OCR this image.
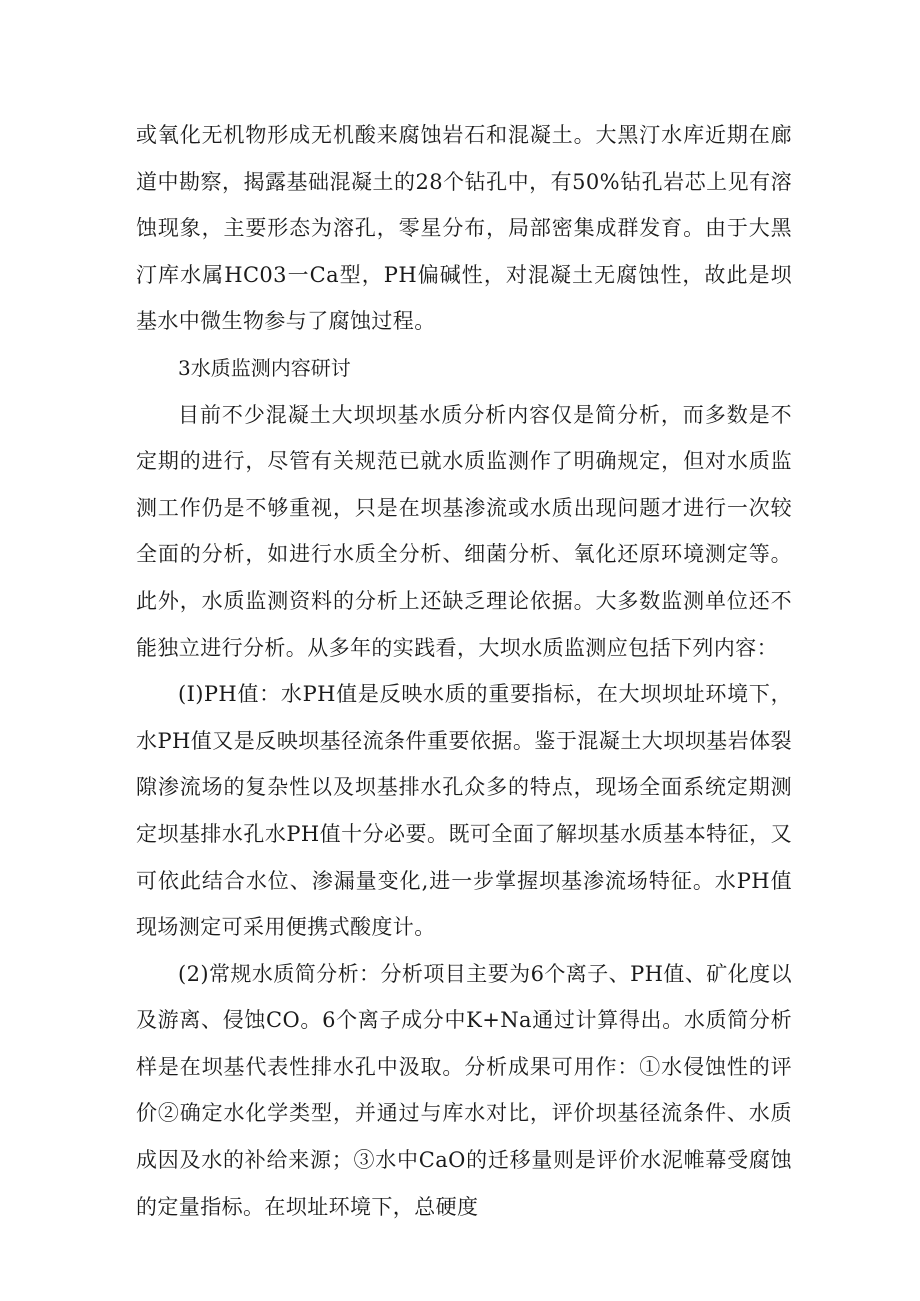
或氧化无机物形成无机酸来腐蚀岩石和混凝土。大黑汀水库近期在廊道中勘察，揭露基础混凝土的28个钻孔中，有50%钻孔岩芯上见有溶蚀现象，主要形态为溶孔，零星分布，局部密集成群发育。由于大黑汀库水属HC03一Ca型，PH偏碱性，对混凝土无腐蚀性，故此是坝基水中微生物参与了腐蚀过程。

3水质监测内容研讨

目前不少混凝土大坝坝基水质分析内容仅是简分析，而多数是不定期的进行，尽管有关规范已就水质监测作了明确规定，但对水质监测工作仍是不够重视，只是在坝基渗流或水质出现问题才进行一次较全面的分析，如进行水质全分析、细菌分析、氧化还原环境测定等。此外，水质监测资料的分析上还缺乏理论依据。大多数监测单位还不能独立进行分析。从多年的实践看，大坝水质监测应包括下列内容：

(I)PH值：水PH值是反映水质的重要指标，在大坝坝址环境下，水PH值又是反映坝基径流条件重要依据。鉴于混凝土大坝坝基岩体裂隙渗流场的复杂性以及坝基排水孔众多的特点，现场全面系统定期测定坝基排水孔水PH值十分必要。既可全面了解坝基水质基本特征，又可依此结合水位、渗漏量变化,进一步掌握坝基渗流场特征。水PH值现场测定可采用便携式酸度计。

(2)常规水质简分析：分析项目主要为6个离子、PH值、矿化度以及游离、侵蚀CO。6个离子成分中K+Na通过计算得出。水质简分析样是在坝基代表性排水孔中汲取。分析成果可用作：①水侵蚀性的评价②确定水化学类型，并通过与库水对比，评价坝基径流条件、水质成因及水的补给来源；③水中CaO的迁移量则是评价水泥帷幕受腐蚀的定量指标。在坝址环境下，总硬度
